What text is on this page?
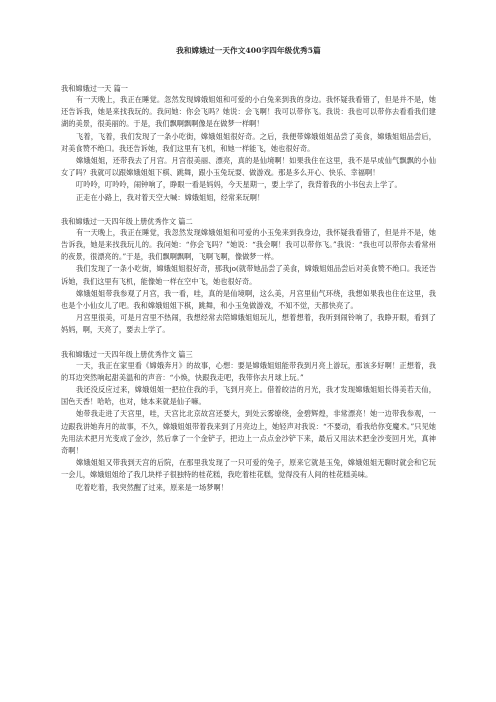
我和嫦娥过一天作文400字四年级优秀5篇

我和嫦娥过一天 篇一

有一天晚上，我正在睡觉。忽然发现嫦娥姐姐和可爱的小白兔来到我的身边。我怀疑我看错了，但是并不是，她还告诉我，她是来找我玩的。我问她：你会飞吗？她说：会飞啊！我可以带你飞。我说：我也可以带你去看看我们建湖的美景，很美丽的。于是，我们飘啊飘啊像是在做梦一样啊！

飞着，飞着，我们发现了一条小吃街，嫦娥姐姐很好奇。之后，我便带嫦娥姐姐品尝了美食，嫦娥姐姐品尝后，对美食赞不绝口。我还告诉她，我们这里有飞机，和她一样能飞，她也很好奇。

嫦娥姐姐，还带我去了月宫。月宫很美丽、漂亮，真的是仙境啊！如果我住在这里，我不是早成仙气飘飘的小仙女了吗？我就可以跟嫦娥姐姐下棋、跳舞，跟小玉兔玩耍、做游戏。那是多么开心、快乐、幸福啊！

叮呤呤，叮呤呤，闹钟响了，睁眼一看是妈妈，今天星期一，要上学了，我背着我的小书包去上学了。

正走在小路上，我对着天空大喊：嫦娥姐姐，经常来玩啊！

我和嫦娥过一天四年级上册优秀作文 篇二

有一天晚上，我正在睡觉，我忽然发现嫦娥姐姐和可爱的小玉兔来到我身边，我怀疑我看错了，但是并不是，她告诉我，她是来找我玩儿的。我问她：“你会飞吗？”她说：“我会啊！我可以带你飞。”我说：“我也可以带你去看常州的夜景，很漂亮的。”于是，我们飘啊飘啊，飞啊飞啊，像做梦一样。

我们发现了一条小吃街，嫦娥姐姐很好奇，那我jo(就带她品尝了美食，嫦娥姐姐品尝后对美食赞不绝口。我还告诉她，我们这里有飞机，能像她一样在空中飞，她也很好奇。

嫦娥姐姐带我参观了月宫，我一看，哇，真的是仙境啊，这么美，月宫里仙气环绕，我想如果我也住在这里，我也是个小仙女儿了吧。我和嫦娥姐姐下棋，跳舞，和小玉兔做游戏，不知不觉，天都快亮了。

月宫里很美，可是月宫里不热闹，我想经常去陪嫦娥姐姐玩儿，想着想着，我听到闹铃响了，我睁开眼，看到了妈妈，啊，天亮了，要去上学了。

我和嫦娥过一天四年级上册优秀作文 篇三

一天，我正在家里看《嫦娥奔月》的故事，心想：要是嫦娥姐姐能带我到月亮上游玩，那该多好啊！正想着，我的耳边突然响起甜美温和的声音：“小焕，快跟我走吧，我带你去月球上玩。”

我还没反应过来，嫦娥姐姐一把拉住我的手，飞到月亮上。借着皎洁的月光，我才发现嫦娥姐姐长得美若天仙，国色天香！哈哈，也对，她本来就是仙子嘛。

她带我走进了天宫里，哇，天宫比北京故宫还要大，到处云雾缭绕，金碧辉煌，非常漂亮！她一边带我参观，一边跟我讲她奔月的故事，不久，嫦娥姐姐带着我来到了月亮边上，她轻声对我说：“不要动，看我给你变魔术。”只见她先用法术把月光变成了金沙，然后拿了一个金铲子，把边上一点点金沙铲下来，最后又用法术把金沙变回月光，真神奇啊！

嫦娥姐姐又带我到天宫的后院，在那里我发现了一只可爱的兔子，原来它就是玉兔，嫦娥姐姐无聊时就会和它玩一会儿，嫦娥姐姐给了我几块样子很独特的桂花糕，我吃着桂花糕，觉得没有人间的桂花糕美味。

吃着吃着，我突然醒了过来，原来是一场梦啊！
